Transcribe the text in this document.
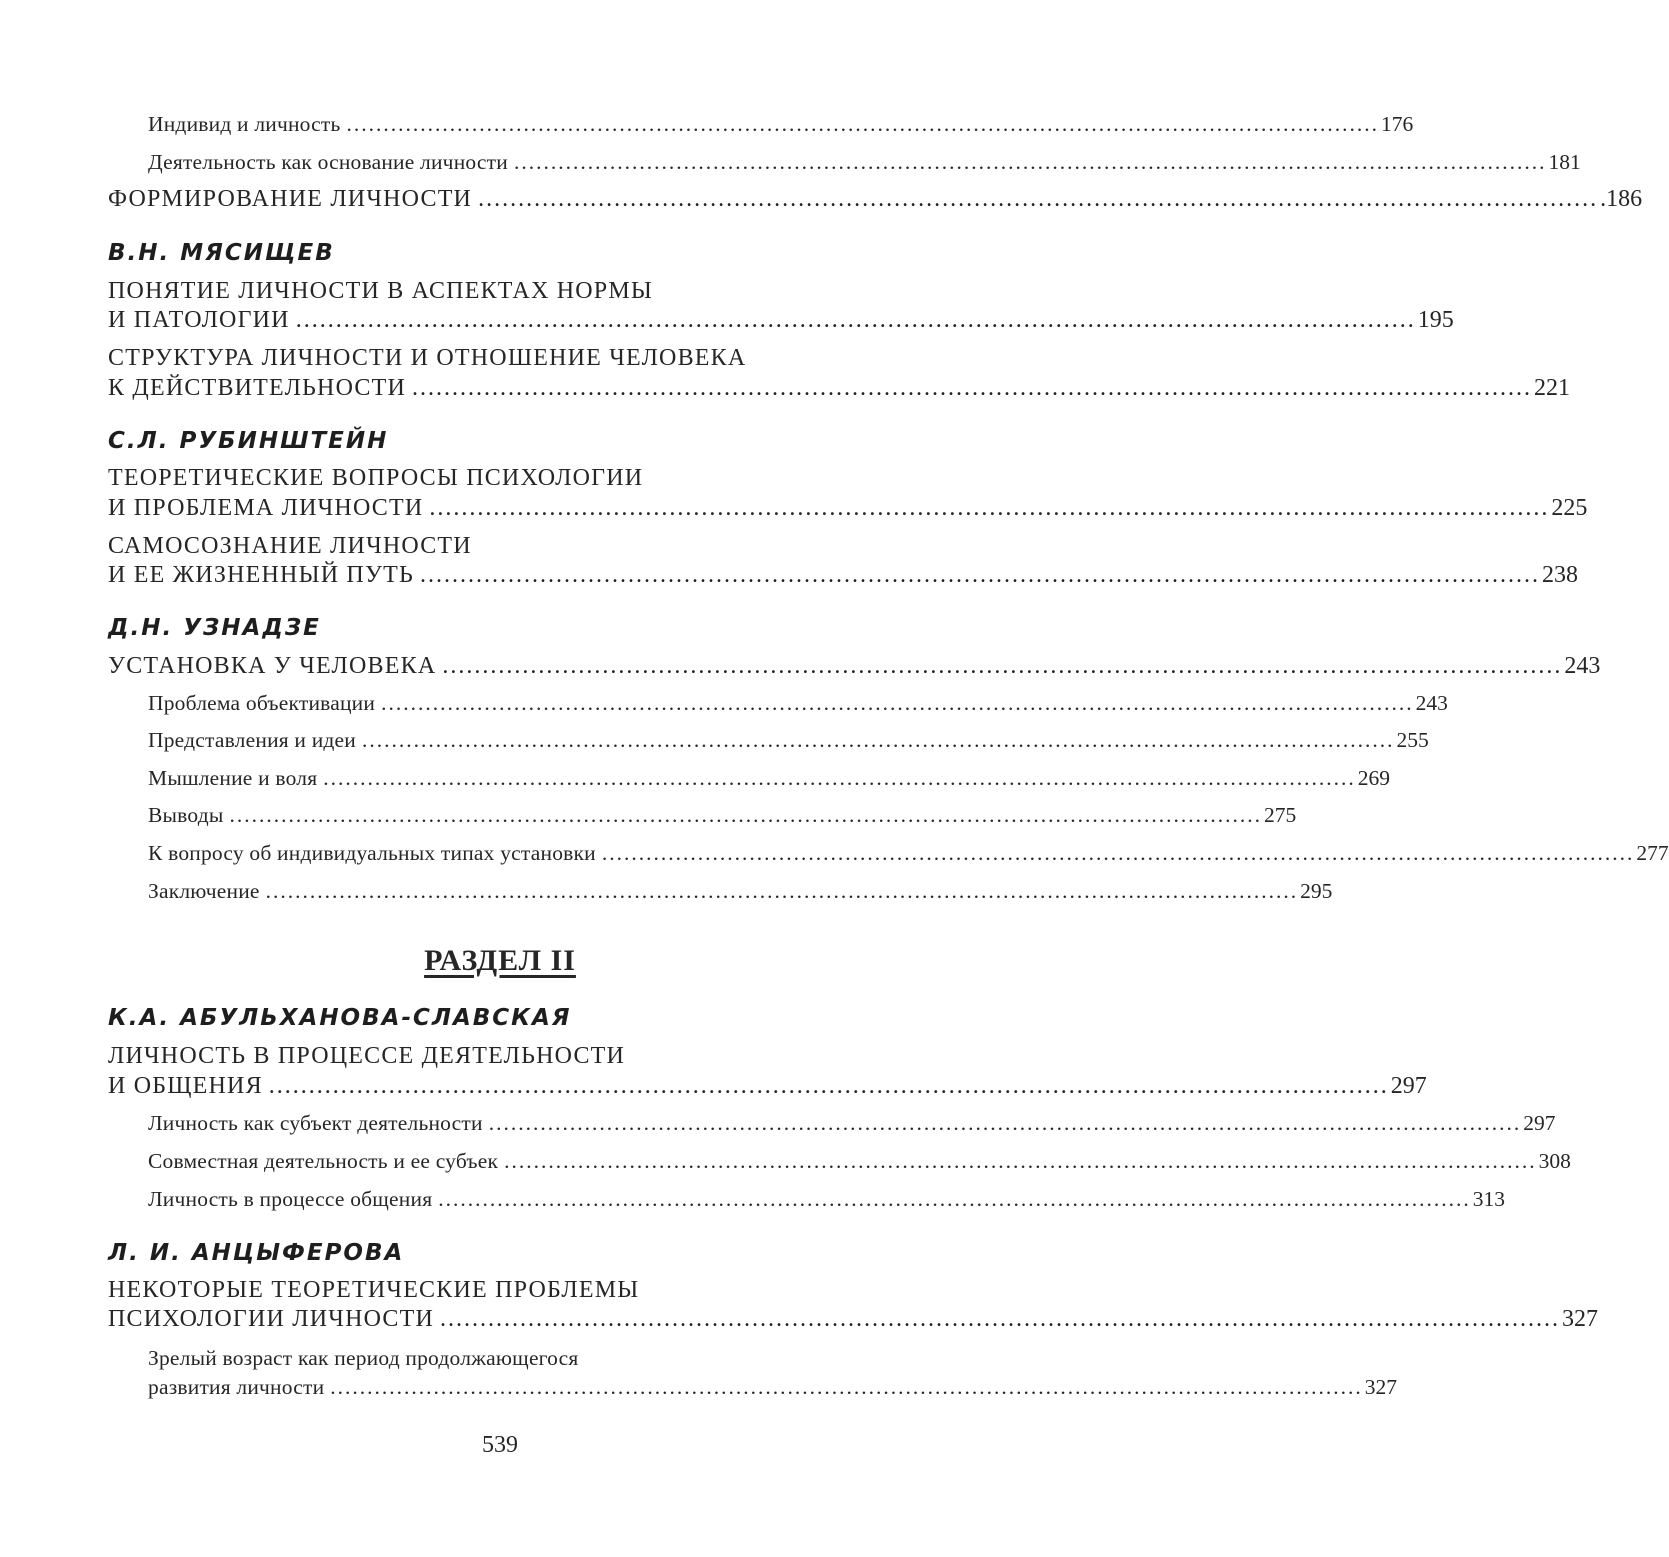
Индивид и личность ............................................................................................................................................ 176
Деятельность как основание личности ............................................................................................................................................ 181
ФОРМИРОВАНИЕ ЛИЧНОСТИ ............................................................................................................................................ .186
В.Н. МЯСИЩЕВ
ПОНЯТИЕ ЛИЧНОСТИ В АСПЕКТАХ НОРМЫ
И ПАТОЛОГИИ ............................................................................................................................................ 195
СТРУКТУРА ЛИЧНОСТИ И ОТНОШЕНИЕ ЧЕЛОВЕКА
К ДЕЙСТВИТЕЛЬНОСТИ ............................................................................................................................................ 221
С.Л. РУБИНШТЕЙН
ТЕОРЕТИЧЕСКИЕ ВОПРОСЫ ПСИХОЛОГИИ
И ПРОБЛЕМА ЛИЧНОСТИ ............................................................................................................................................ 225
САМОСОЗНАНИЕ ЛИЧНОСТИ
И ЕЕ ЖИЗНЕННЫЙ ПУТЬ ............................................................................................................................................ 238
Д.Н. УЗНАДЗЕ
УСТАНОВКА У ЧЕЛОВЕКА ............................................................................................................................................ 243
Проблема объективации ............................................................................................................................................ 243
Представления и идеи ............................................................................................................................................ 255
Мышление и воля ............................................................................................................................................ 269
Выводы ............................................................................................................................................ 275
К вопросу об индивидуальных типах установки ............................................................................................................................................ 277
Заключение ............................................................................................................................................ 295
РАЗДЕЛ II
К.А. АБУЛЬХАНОВА-СЛАВСКАЯ
ЛИЧНОСТЬ В ПРОЦЕССЕ ДЕЯТЕЛЬНОСТИ
И ОБЩЕНИЯ ............................................................................................................................................ 297
Личность как субъект деятельности ............................................................................................................................................ 297
Совместная деятельность и ее субъек ............................................................................................................................................ 308
Личность в процессе общения ............................................................................................................................................ 313
Л. И. АНЦЫФЕРОВА
НЕКОТОРЫЕ ТЕОРЕТИЧЕСКИЕ ПРОБЛЕМЫ
ПСИХОЛОГИИ ЛИЧНОСТИ ............................................................................................................................................ 327
Зрелый возраст как период продолжающегося
развития личности ............................................................................................................................................ 327
539
